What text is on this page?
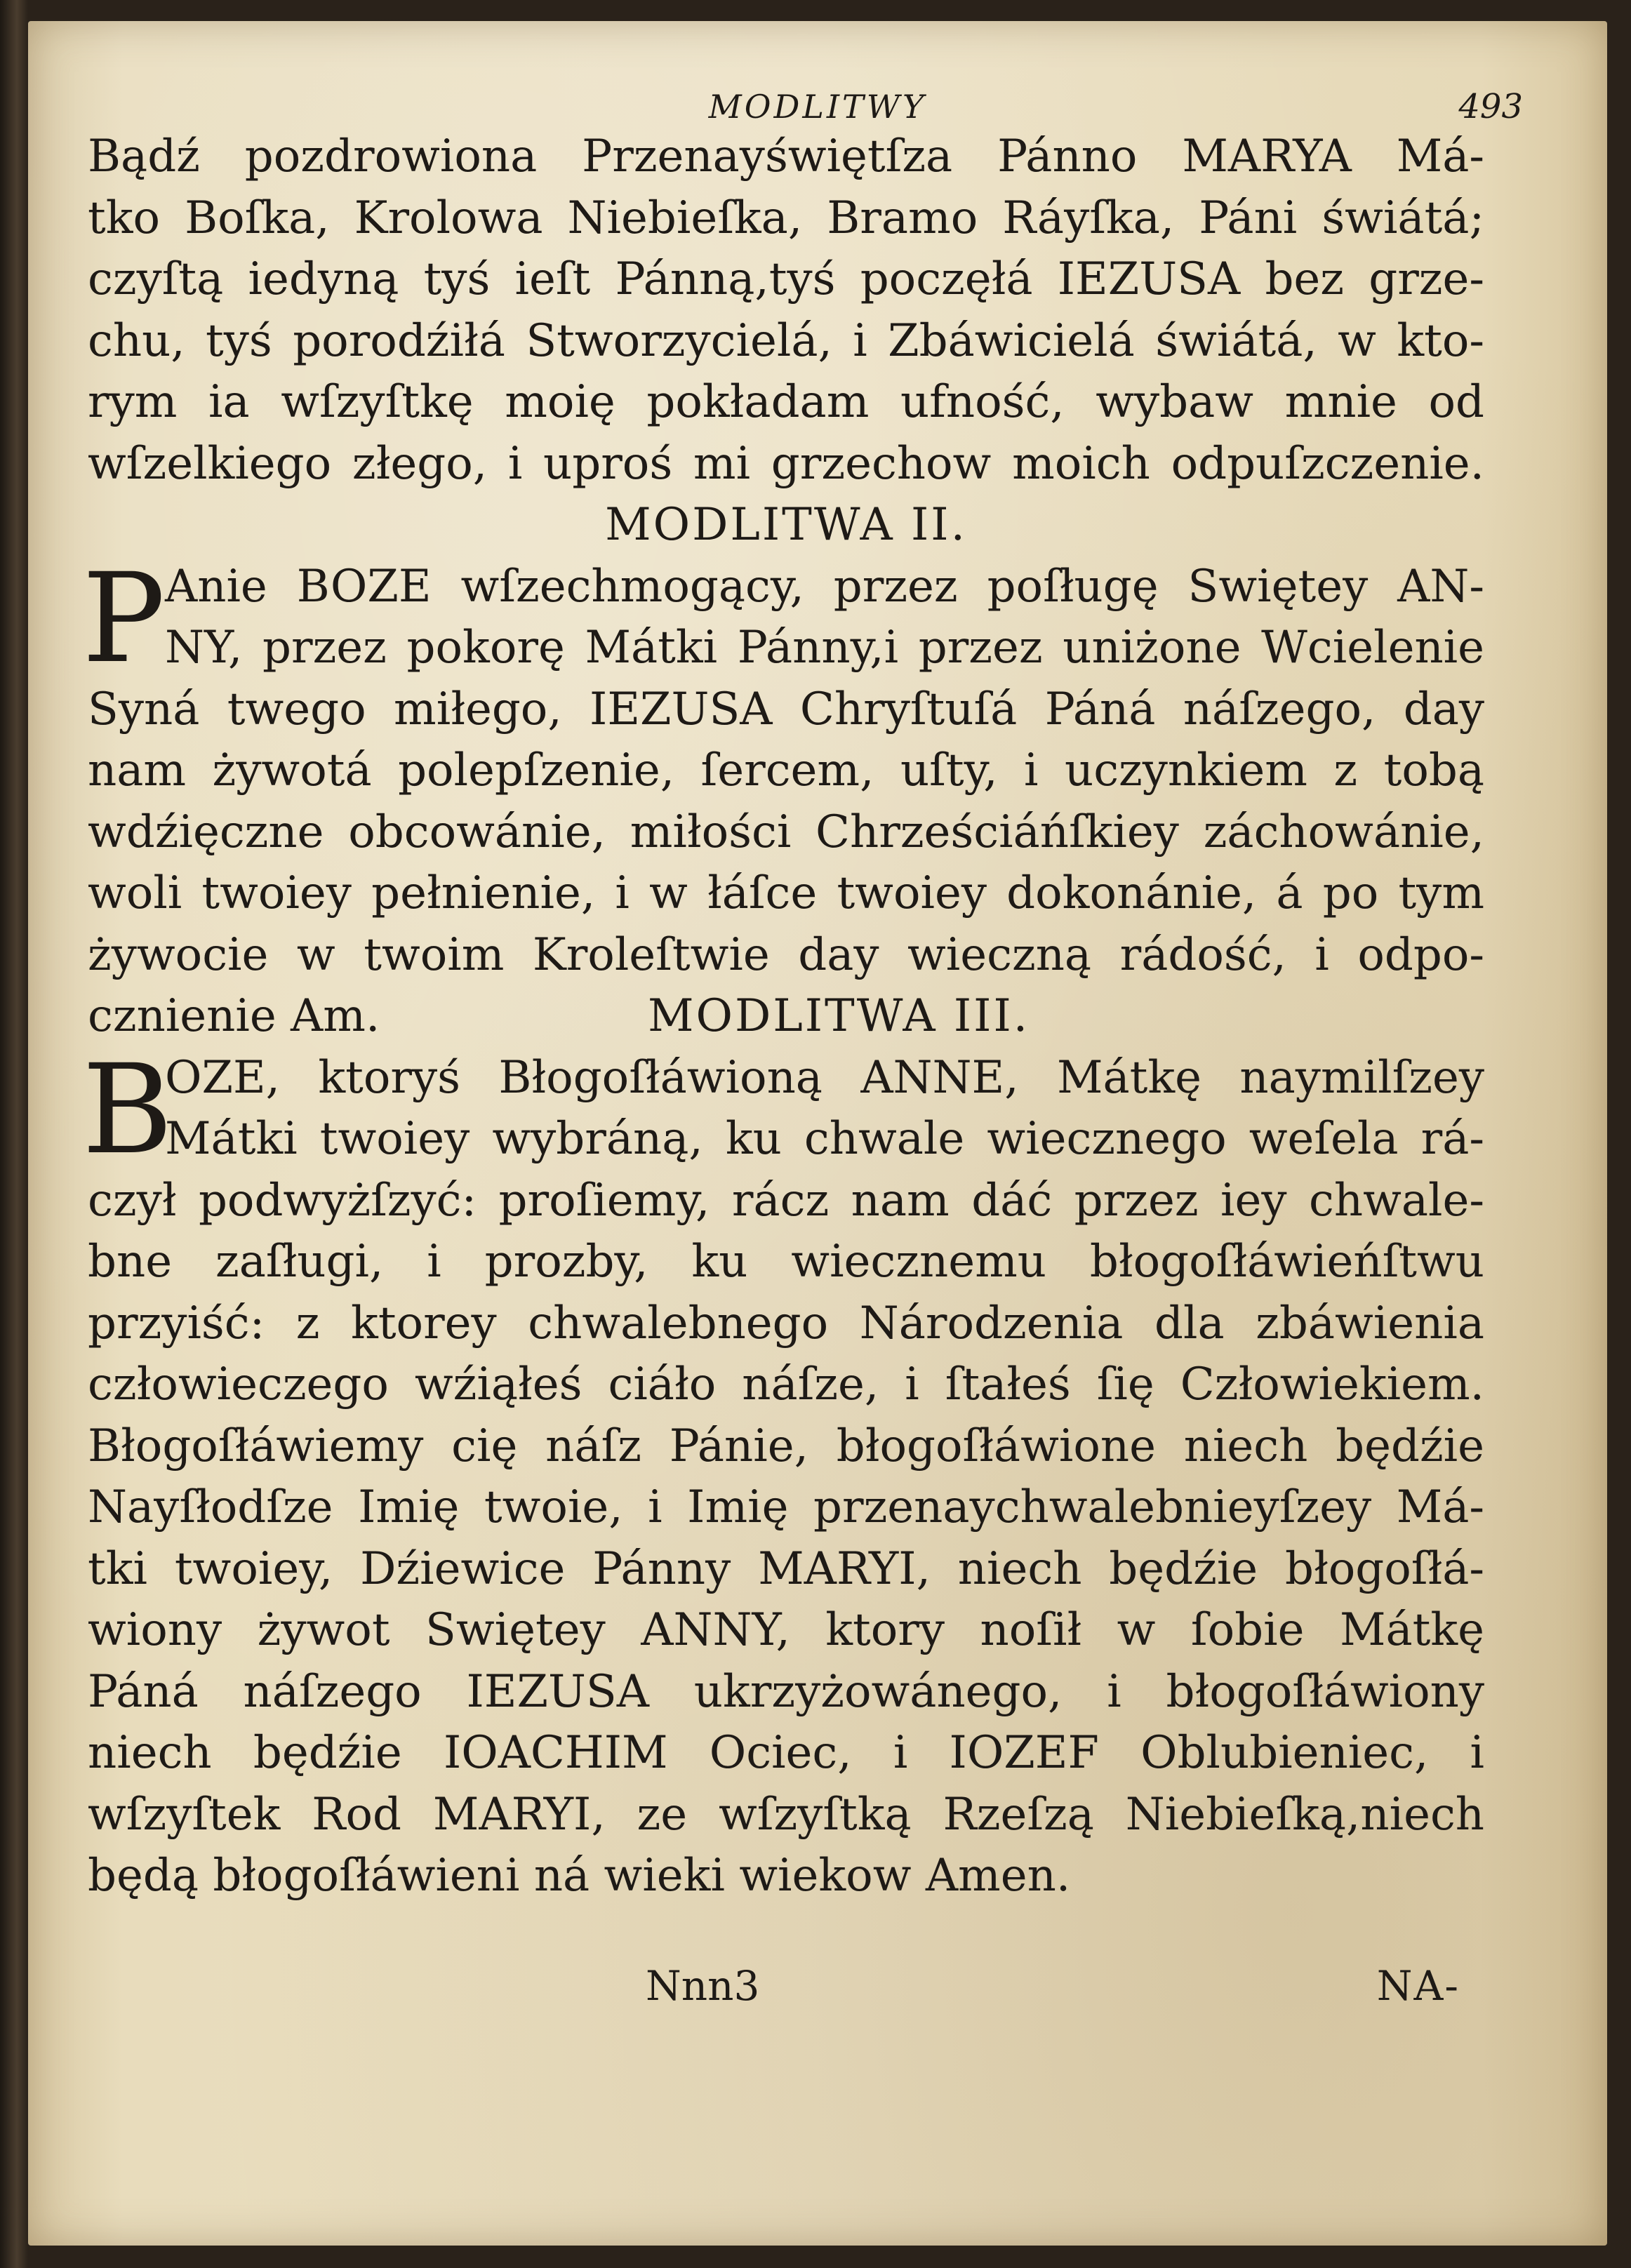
MODLITWY	493
Bądź pozdrowiona Przenayświętſza Pánno MARYA Má-
tko Boſka, Krolowa Niebieſka, Bramo Ráyſka, Páni świátá;
czyſtą iedyną tyś ieſt Pánną,tyś poczęłá IEZUSA bez grze-
chu, tyś porodźiłá Stworzycielá, i Zbáwicielá świátá, w kto-
rym ia wſzyſtkę moię pokładam ufność, wybaw mnie od
wſzelkiego złego, i uproś mi grzechow moich odpuſzczenie.
MODLITWA II.
P Anie BOZE wſzechmogący, przez poſługę Swiętey AN-
NY, przez pokorę Mátki Pánny,i przez uniżone Wcielenie
Syná twego miłego, IEZUSA Chryſtuſá Páná náſzego, day
nam żywotá polepſzenie, ſercem, uſty, i uczynkiem z tobą
wdźięczne obcowánie, miłości Chrześciáńſkiey záchowánie,
woli twoiey pełnienie, i w łáſce twoiey dokonánie, á po tym
żywocie w twoim Kroleſtwie day wieczną rádość, i odpo-
cznienie Am.	MODLITWA III.
B
OZE, ktoryś Błogoſłáwioną ANNE, Mátkę naymilſzey
Mátki twoiey wybráną, ku chwale wiecznego weſela rá-
czył podwyżſzyć: proſiemy, rácz nam dáć przez iey chwale-
bne zaſługi, i prozby, ku wiecznemu błogoſłáwieńſtwu
przyiść: z ktorey chwalebnego Národzenia dla zbáwienia
człowieczego wźiąłeś ciáło náſze, i ſtałeś ſię Człowiekiem.
Błogoſłáwiemy cię náſz Pánie, błogoſłáwione niech będźie
Nayſłodſze Imię twoie, i Imię przenaychwalebnieyſzey Má-
tki twoiey, Dźiewice Pánny MARYI, niech będźie błogoſłá-
wiony żywot Swiętey ANNY, ktory noſił w ſobie Mátkę
Páná náſzego IEZUSA ukrzyżowánego, i błogoſłáwiony
niech będźie IOACHIM Ociec, i IOZEF Oblubieniec, i
wſzyſtek Rod MARYI, ze wſzyſtką Rzeſzą Niebieſką,niech
będą błogoſłáwieni ná wieki wiekow Amen.
Nnn3	NA-
